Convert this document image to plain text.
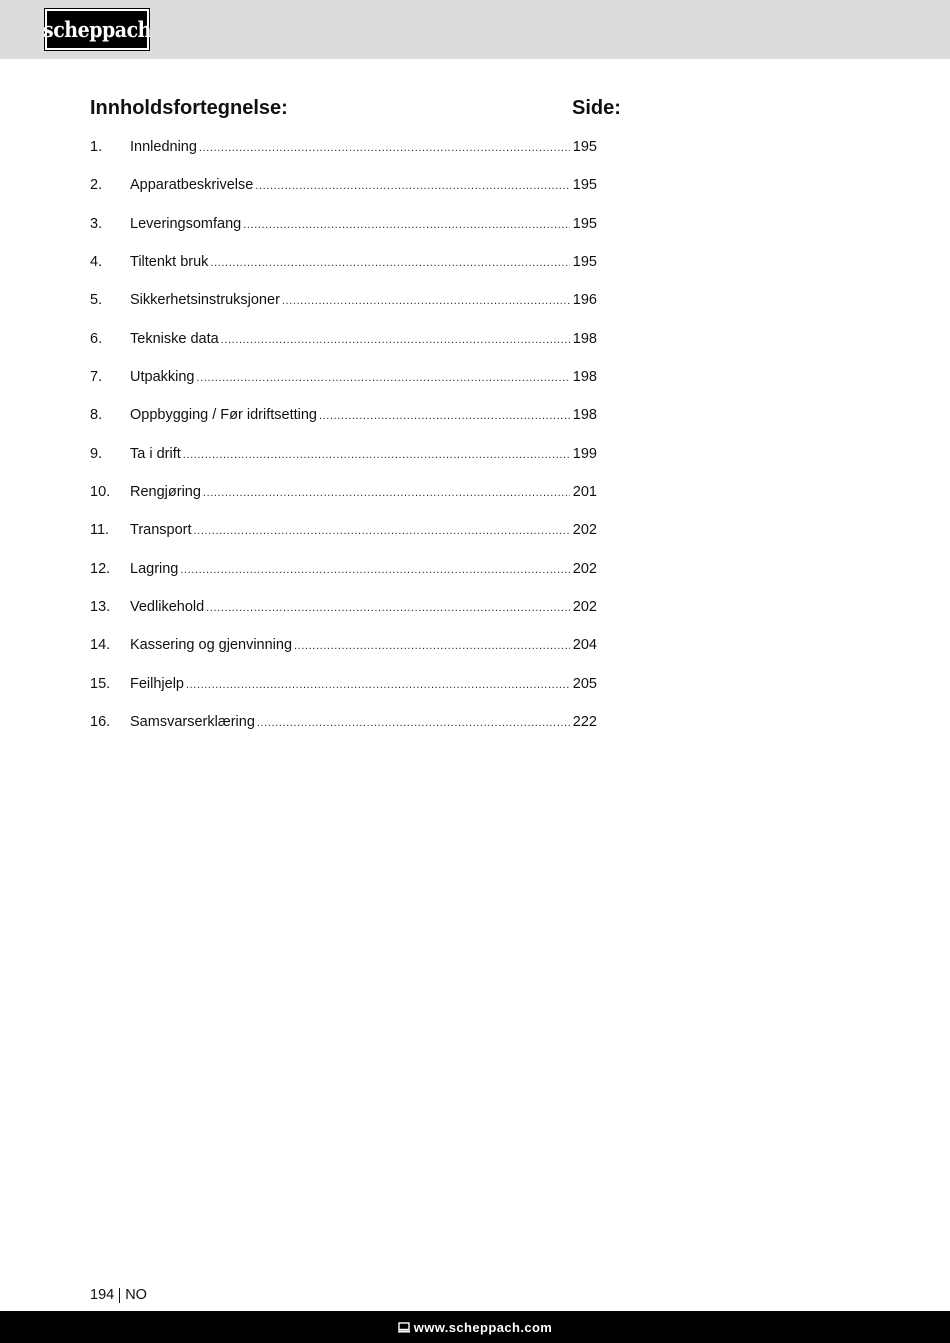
scheppach
Innholdsfortegnelse:	Side:
1.	Innledning .....	195
2.	Apparatbeskrivelse .....	195
3.	Leveringsomfang .....	195
4.	Tiltenkt bruk .....	195
5.	Sikkerhetsinstruksjoner .....	196
6.	Tekniske data .....	198
7.	Utpakking .....	198
8.	Oppbygging / Før idriftsetting .....	198
9.	Ta i drift .....	199
10.	Rengjøring .....	201
11.	Transport .....	202
12.	Lagring .....	202
13.	Vedlikehold .....	202
14.	Kassering og gjenvinning .....	204
15.	Feilhjelp .....	205
16.	Samsvarserklæring .....	222
194 NO
www.scheppach.com
